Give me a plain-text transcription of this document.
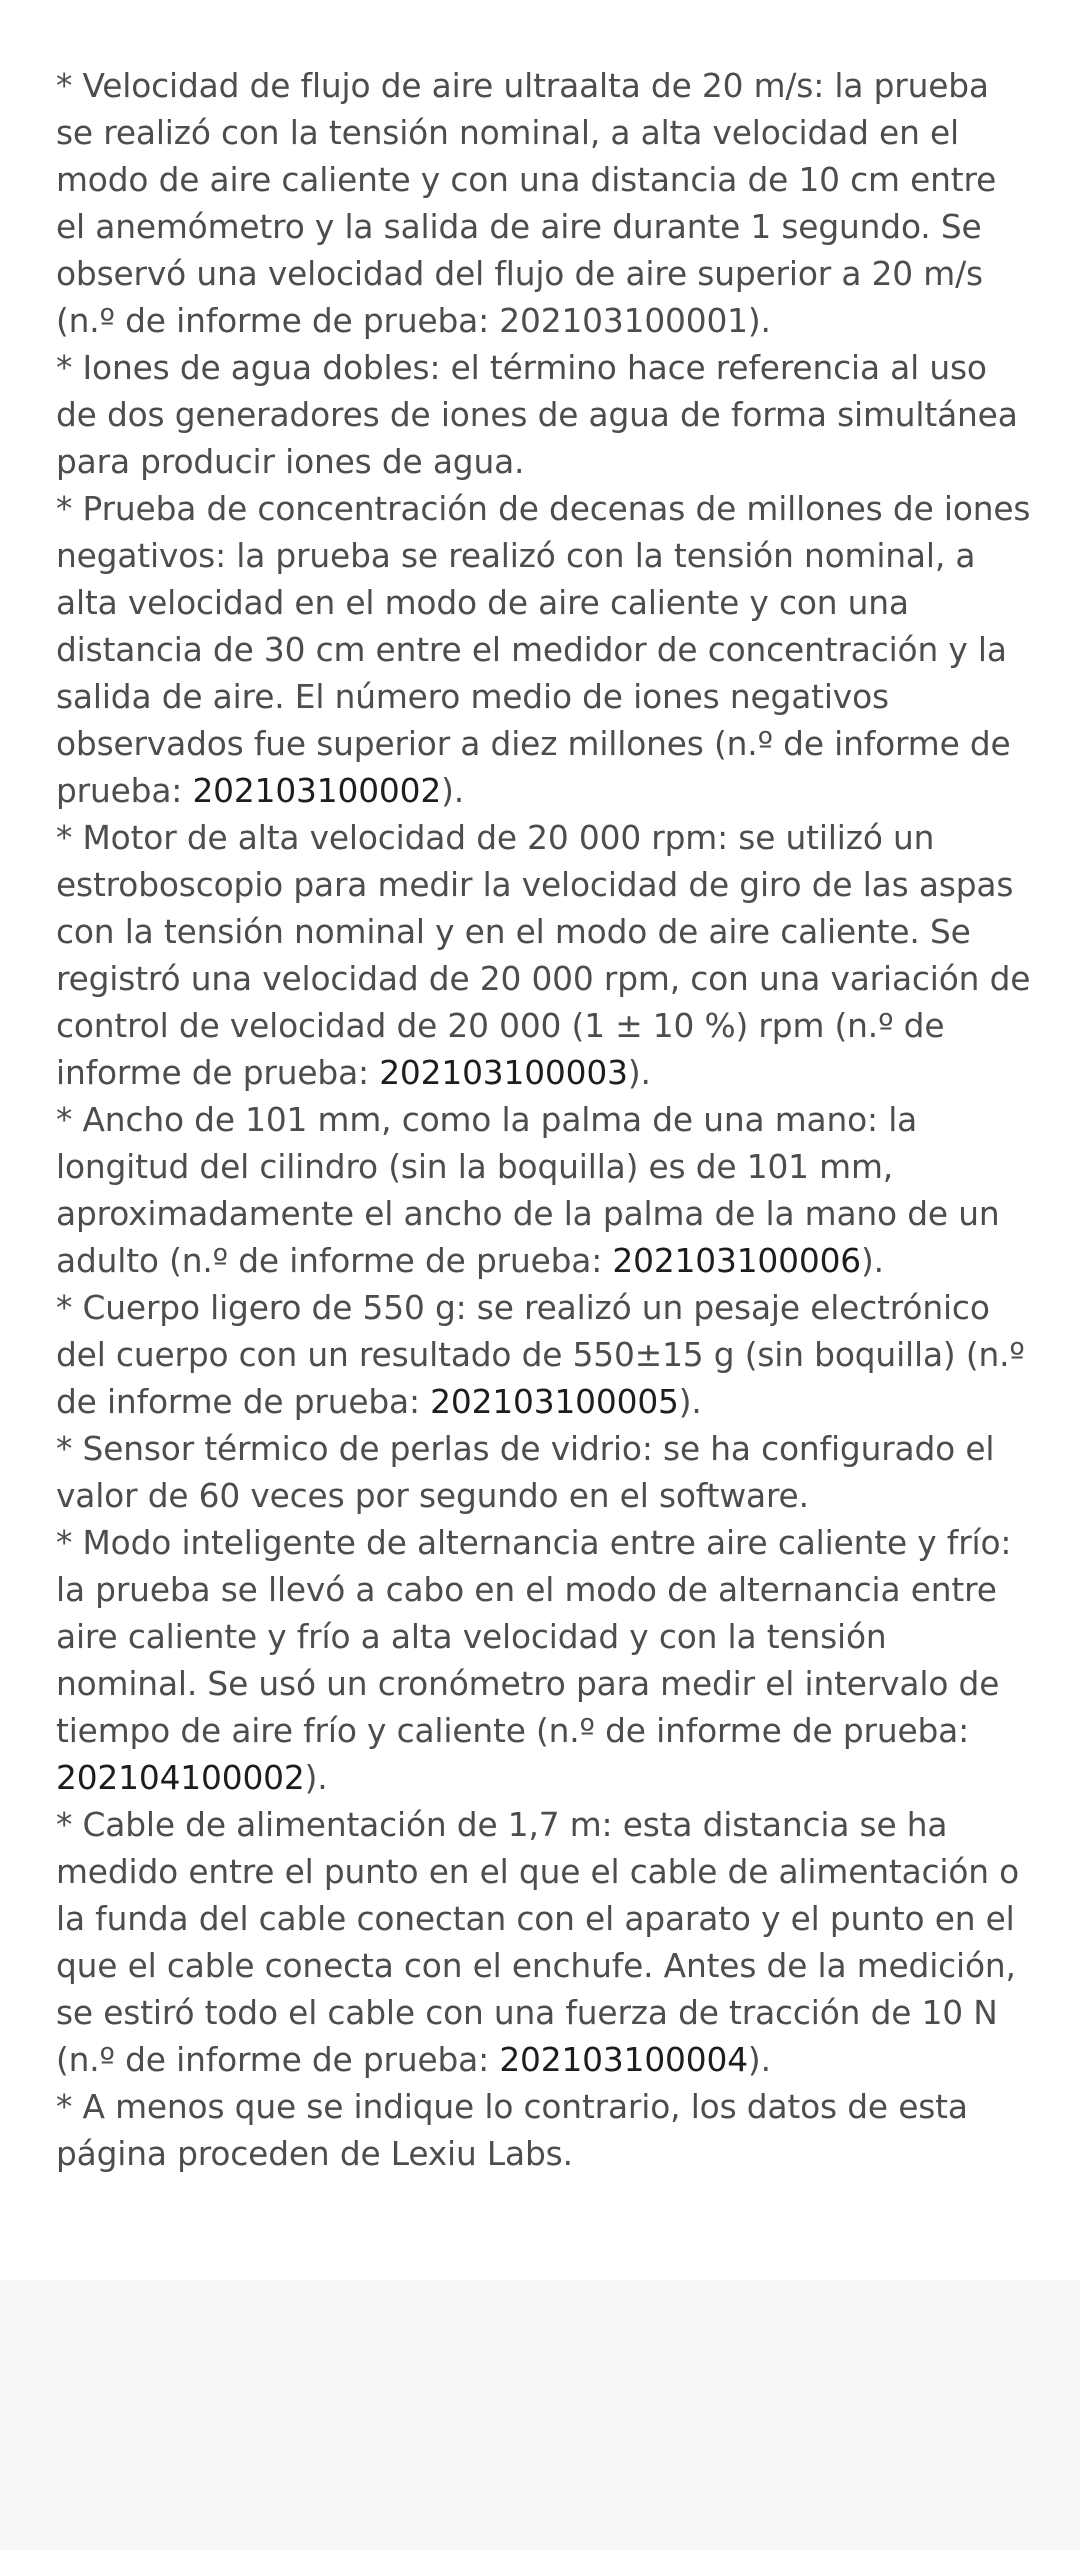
* Velocidad de flujo de aire ultraalta de 20 m/s: la prueba se realizó con la tensión nominal, a alta velocidad en el modo de aire caliente y con una distancia de 10 cm entre el anemómetro y la salida de aire durante 1 segundo. Se observó una velocidad del flujo de aire superior a 20 m/s (n.º de informe de prueba: 202103100001).

* Iones de agua dobles: el término hace referencia al uso de dos generadores de iones de agua de forma simultánea para producir iones de agua.

* Prueba de concentración de decenas de millones de iones negativos: la prueba se realizó con la tensión nominal, a alta velocidad en el modo de aire caliente y con una distancia de 30 cm entre el medidor de concentración y la salida de aire. El número medio de iones negativos observados fue superior a diez millones (n.º de informe de prueba: 202103100002).

* Motor de alta velocidad de 20 000 rpm: se utilizó un estroboscopio para medir la velocidad de giro de las aspas con la tensión nominal y en el modo de aire caliente. Se registró una velocidad de 20 000 rpm, con una variación de control de velocidad de 20 000 (1 ± 10 %) rpm (n.º de informe de prueba: 202103100003).

* Ancho de 101 mm, como la palma de una mano: la longitud del cilindro (sin la boquilla) es de 101 mm, aproximadamente el ancho de la palma de la mano de un adulto (n.º de informe de prueba: 202103100006).

* Cuerpo ligero de 550 g: se realizó un pesaje electrónico del cuerpo con un resultado de 550±15 g (sin boquilla) (n.º de informe de prueba: 202103100005).

* Sensor térmico de perlas de vidrio: se ha configurado el valor de 60 veces por segundo en el software.

* Modo inteligente de alternancia entre aire caliente y frío: la prueba se llevó a cabo en el modo de alternancia entre aire caliente y frío a alta velocidad y con la tensión nominal. Se usó un cronómetro para medir el intervalo de tiempo de aire frío y caliente (n.º de informe de prueba: 202104100002).

* Cable de alimentación de 1,7 m: esta distancia se ha medido entre el punto en el que el cable de alimentación o la funda del cable conectan con el aparato y el punto en el que el cable conecta con el enchufe. Antes de la medición, se estiró todo el cable con una fuerza de tracción de 10 N (n.º de informe de prueba: 202103100004).

* A menos que se indique lo contrario, los datos de esta página proceden de Lexiu Labs.
